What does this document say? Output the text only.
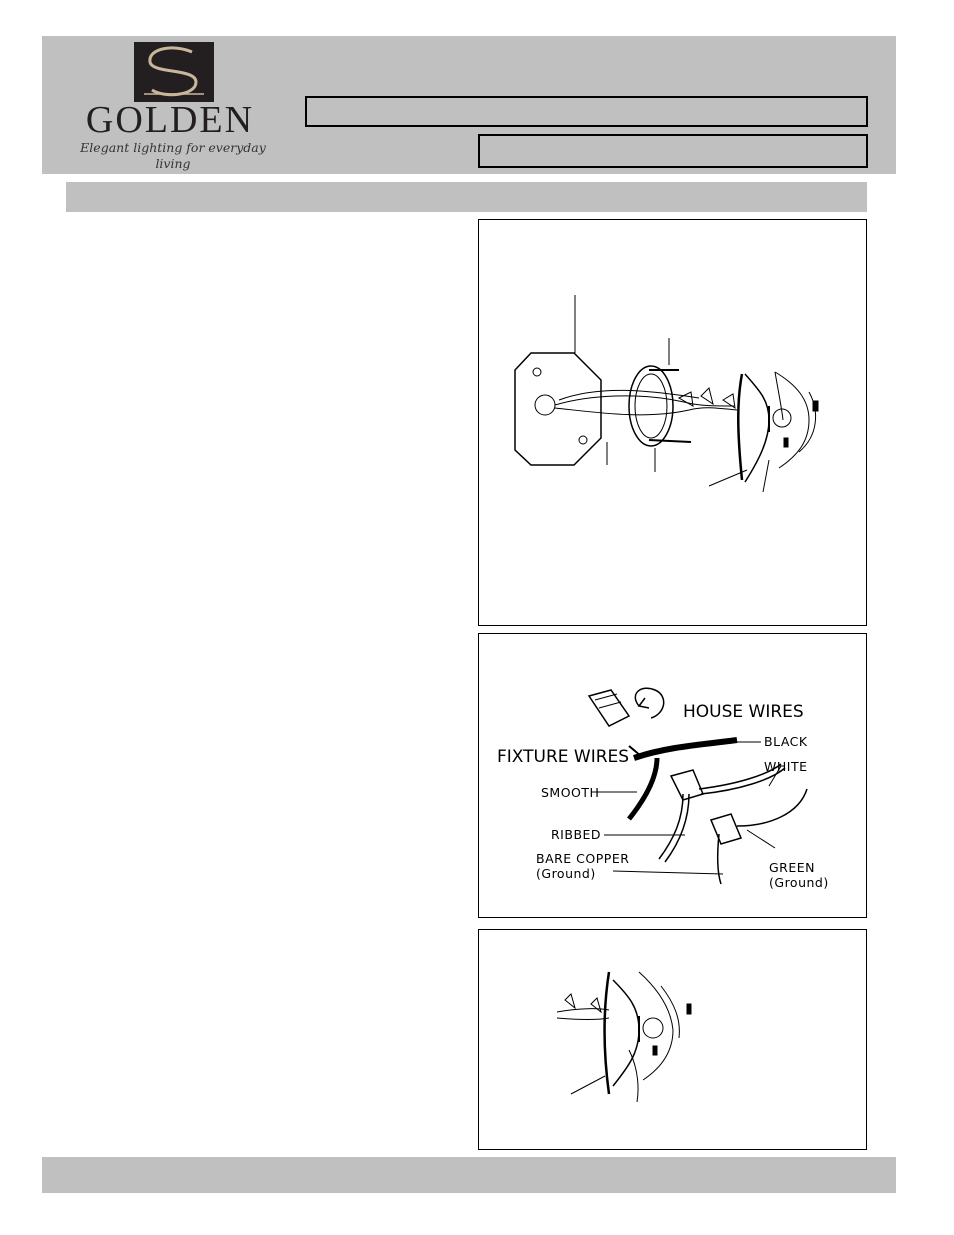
GOLDEN
Elegant lighting for everyday living
HOUSE WIRES
FIXTURE WIRES
BLACK
WHITE
SMOOTH
RIBBED
BARE COPPER
(Ground)	GREEN
(Ground)
